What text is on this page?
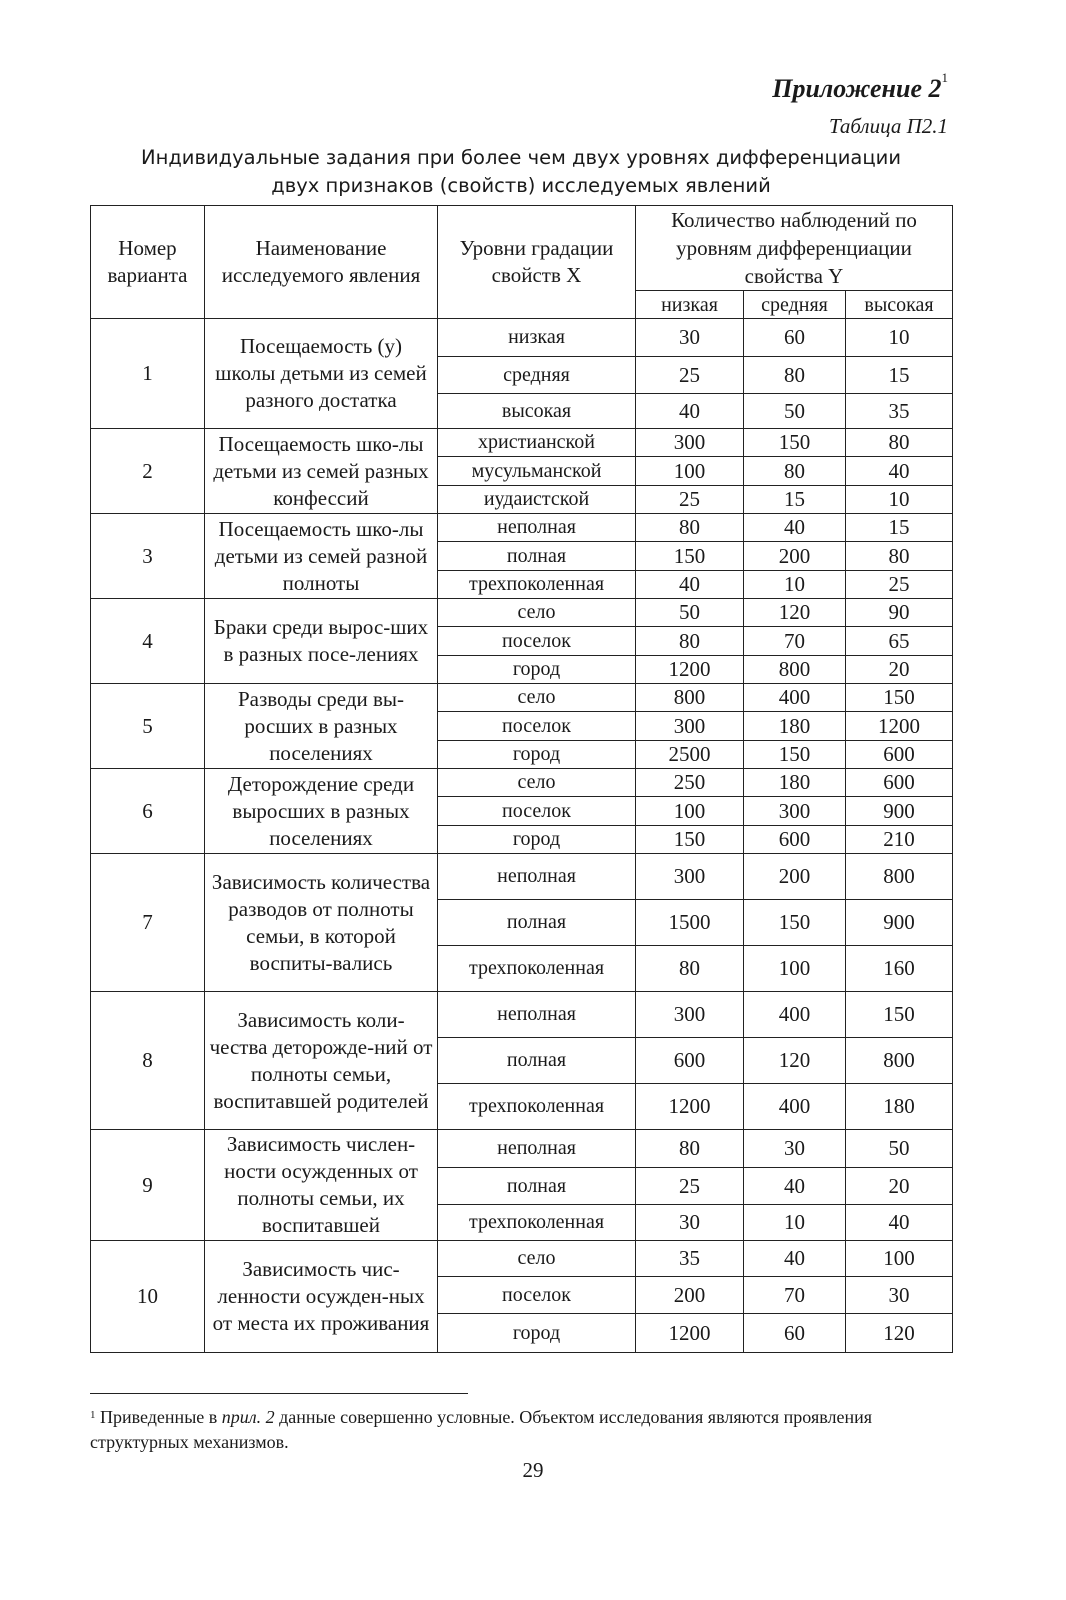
Приложение $2^1$
Таблица П2.1
Индивидуальные задания при более чем двух уровнях дифференциации
двух признаков (свойств) исследуемых явлений
Номер варианта	Наименование исследуемого явления	Уровни градации свойств X	Количество наблюдений по уровням дифференциации свойства Y		
			низкая	средняя	высокая
1	Посещаемость (у) школы детьми из семей разного достатка	низкая	30	60	10
		средняя	25	80	15
		высокая	40	50	35
2	Посещаемость шко-лы детьми из семей разных конфессий	христианской	300	150	80
		мусульманской	100	80	40
		иудаистской	25	15	10
3	Посещаемость шко-лы детьми из семей разной полноты	неполная	80	40	15
		полная	150	200	80
		трехпоколенная	40	10	25
4	Браки среди вырос-ших в разных посе-лениях	село	50	120	90
		поселок	80	70	65
		город	1200	800	20
5	Разводы среди вы-росших в разных поселениях	село	800	400	150
		поселок	300	180	1200
		город	2500	150	600
6	Деторождение среди выросших в разных поселениях	село	250	180	600
		поселок	100	300	900
		город	150	600	210
7	Зависимость количества разводов от полноты семьи, в которой воспиты-вались	неполная	300	200	800
		полная	1500	150	900
		трехпоколенная	80	100	160
8	Зависимость коли-чества деторожде-ний от полноты семьи, воспитавшей родителей	неполная	300	400	150
		полная	600	120	800
		трехпоколенная	1200	400	180
9	Зависимость числен-ности осужденных от полноты семьи, их воспитавшей	неполная	80	30	50
		полная	25	40	20
		трехпоколенная	30	10	40
10	Зависимость чис-ленности осужден-ных от места их проживания	село	35	40	100
		поселок	200	70	30
		город	1200	60	120
$^1$ Приведенные в прил. 2 данные совершенно условные. Объектом исследования являются проявления структурных механизмов.
29
